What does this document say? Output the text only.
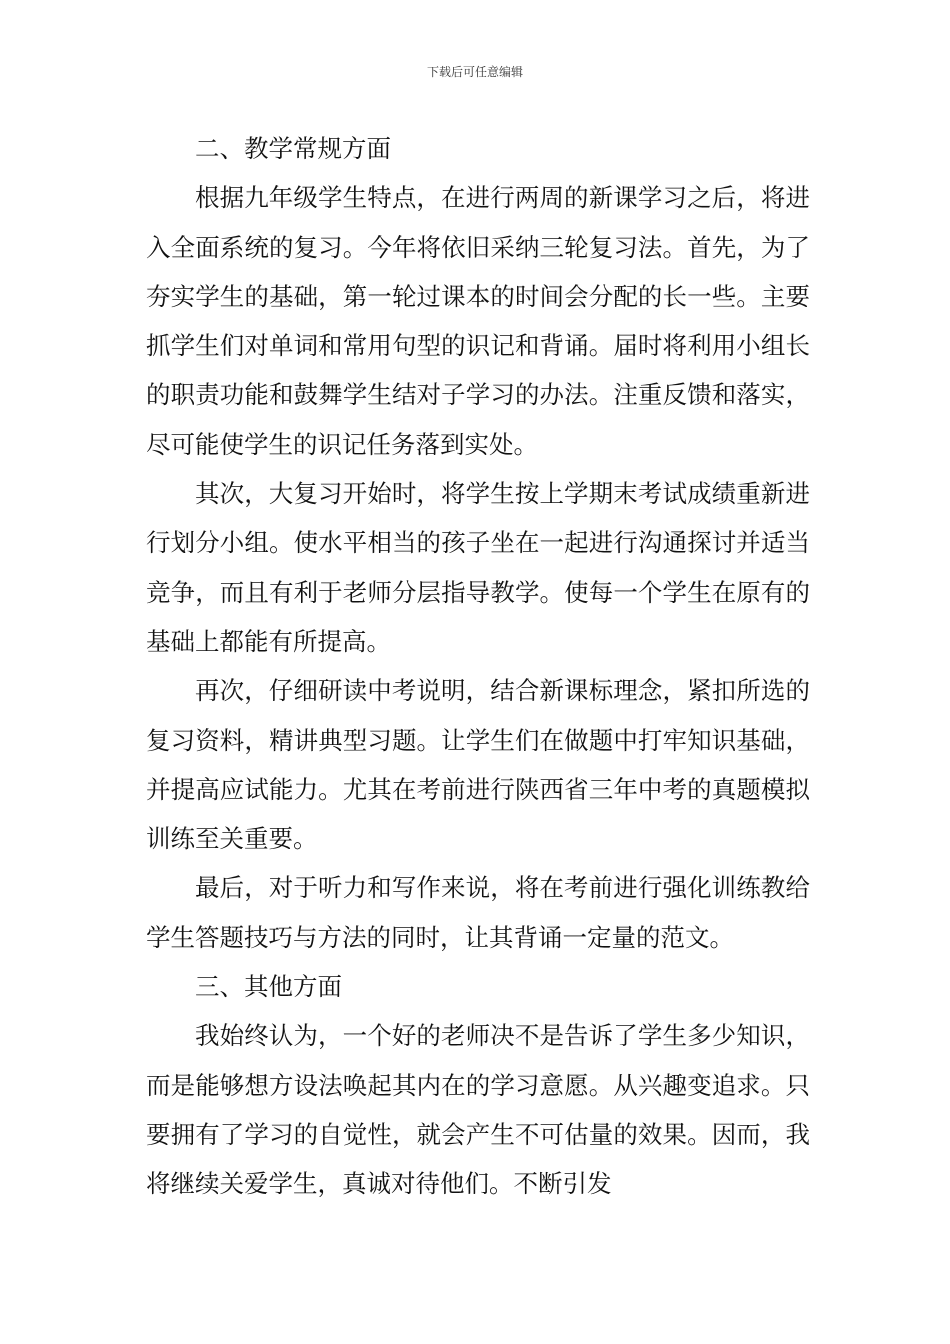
下载后可任意编辑

二、教学常规方面

根据九年级学生特点，在进行两周的新课学习之后，将进入全面系统的复习。今年将依旧采纳三轮复习法。首先，为了夯实学生的基础，第一轮过课本的时间会分配的长一些。主要抓学生们对单词和常用句型的识记和背诵。届时将利用小组长的职责功能和鼓舞学生结对子学习的办法。注重反馈和落实，尽可能使学生的识记任务落到实处。

其次，大复习开始时，将学生按上学期末考试成绩重新进行划分小组。使水平相当的孩子坐在一起进行沟通探讨并适当竞争，而且有利于老师分层指导教学。使每一个学生在原有的基础上都能有所提高。

再次，仔细研读中考说明，结合新课标理念，紧扣所选的复习资料，精讲典型习题。让学生们在做题中打牢知识基础，并提高应试能力。尤其在考前进行陕西省三年中考的真题模拟训练至关重要。

最后，对于听力和写作来说，将在考前进行强化训练教给学生答题技巧与方法的同时，让其背诵一定量的范文。

三、其他方面

我始终认为，一个好的老师决不是告诉了学生多少知识，而是能够想方设法唤起其内在的学习意愿。从兴趣变追求。只要拥有了学习的自觉性，就会产生不可估量的效果。因而，我将继续关爱学生，真诚对待他们。不断引发
